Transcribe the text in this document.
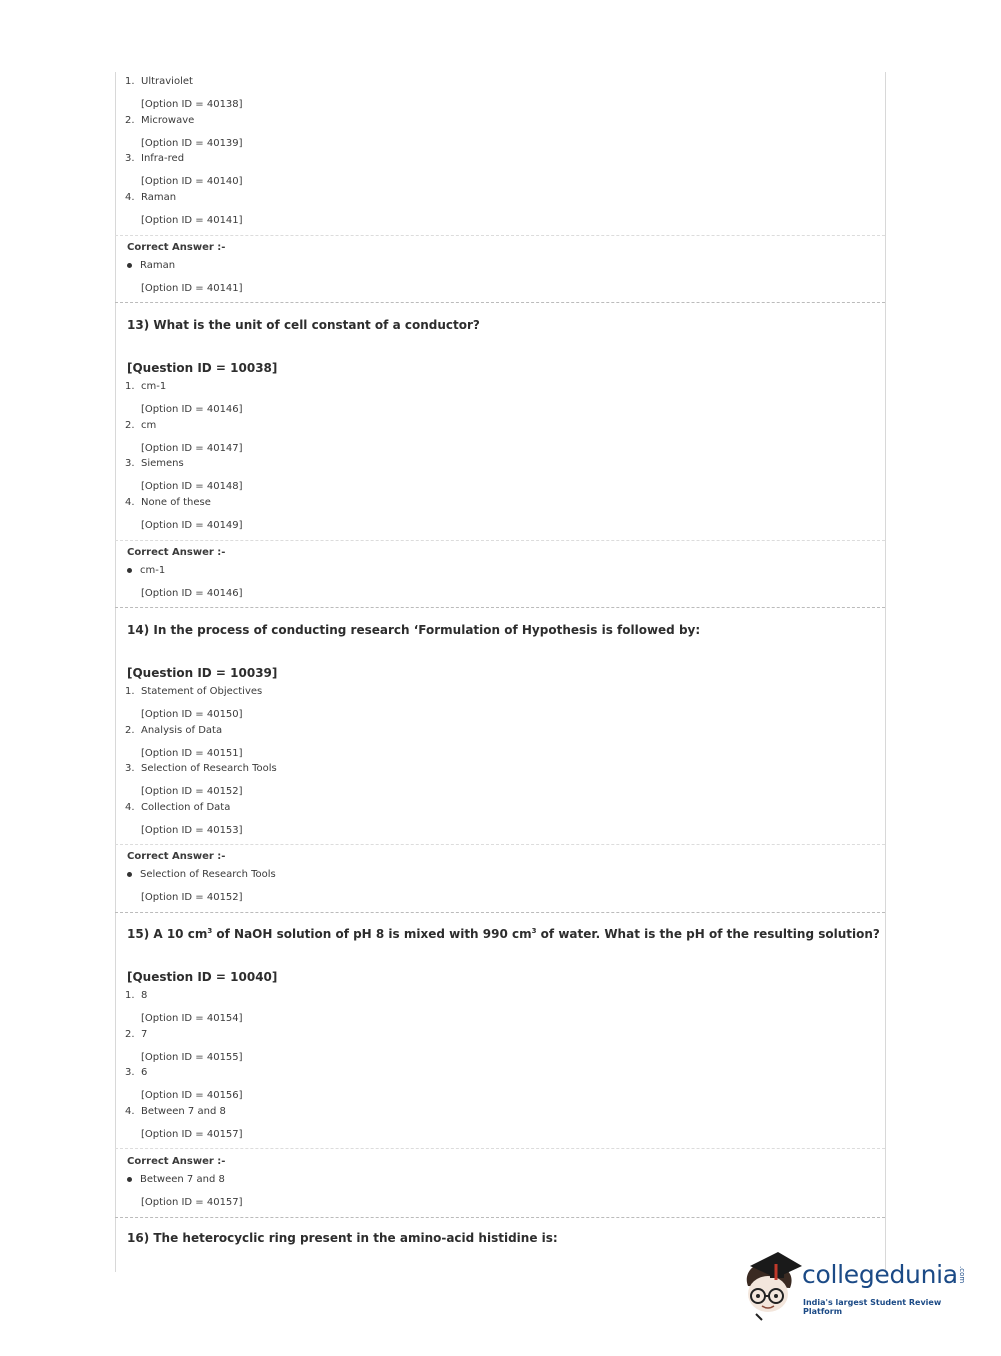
1. Ultraviolet
[Option ID = 40138]
2. Microwave
[Option ID = 40139]
3. Infra-red
[Option ID = 40140]
4. Raman
[Option ID = 40141]
Correct Answer :-
Raman
[Option ID = 40141]
13) What is the unit of cell constant of a conductor?
[Question ID = 10038]
1. cm-1
[Option ID = 40146]
2. cm
[Option ID = 40147]
3. Siemens
[Option ID = 40148]
4. None of these
[Option ID = 40149]
Correct Answer :-
cm-1
[Option ID = 40146]
14) In the process of conducting research ‘Formulation of Hypothesis is followed by:
[Question ID = 10039]
1. Statement of Objectives
[Option ID = 40150]
2. Analysis of Data
[Option ID = 40151]
3. Selection of Research Tools
[Option ID = 40152]
4. Collection of Data
[Option ID = 40153]
Correct Answer :-
Selection of Research Tools
[Option ID = 40152]
15) A 10 $cm^3$ of NaOH solution of pH 8 is mixed with 990 $cm^3$ of water. What is the pH of the resulting solution?
[Question ID = 10040]
1. 8
[Option ID = 40154]
2. 7
[Option ID = 40155]
3. 6
[Option ID = 40156]
4. Between 7 and 8
[Option ID = 40157]
Correct Answer :-
Between 7 and 8
[Option ID = 40157]
16) The heterocyclic ring present in the amino-acid histidine is:
collegedunia .com
India's largest Student Review Platform
